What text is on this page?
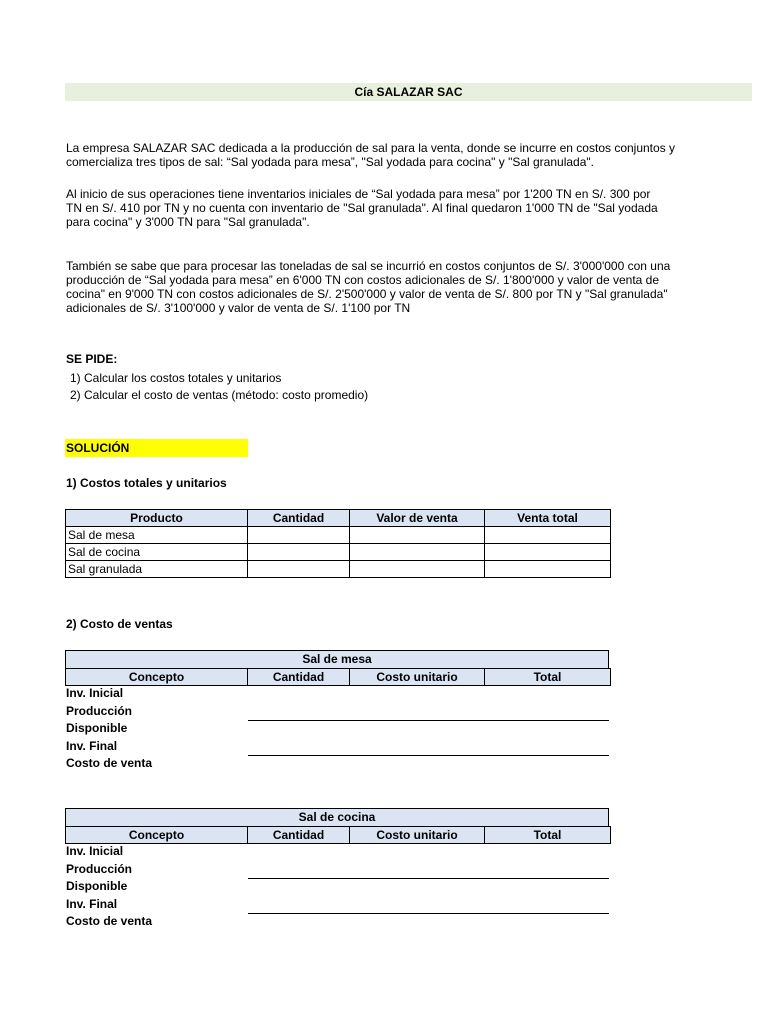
Cía SALAZAR SAC
La empresa SALAZAR SAC dedicada a la producción de sal para la venta, donde se incurre en costos conjuntos y
comercializa tres tipos de sal: “Sal yodada para mesa”, "Sal yodada para cocina" y "Sal granulada".
Al inicio de sus operaciones tiene inventarios iniciales de “Sal yodada para mesa” por 1'200 TN en S/. 300 por
TN en S/. 410 por TN y no cuenta con inventario de "Sal granulada". Al final quedaron 1'000 TN de "Sal yodada
para cocina" y 3'000 TN para "Sal granulada".
También se sabe que para procesar las toneladas de sal se incurrió en costos conjuntos de S/. 3'000'000 con una
producción de “Sal yodada para mesa” en 6'000 TN con costos adicionales de S/. 1'800'000 y valor de venta de
cocina" en 9'000 TN con costos adicionales de S/. 2'500'000 y valor de venta de S/. 800 por TN y "Sal granulada"
adicionales de S/. 3'100'000 y valor de venta de S/. 1'100 por TN
SE PIDE:
1) Calcular los costos totales y unitarios
2) Calcular el costo de ventas (método: costo promedio)
SOLUCIÓN
1) Costos totales y unitarios
Producto	Cantidad	Valor de venta	Venta total
Sal de mesa			
Sal de cocina			
Sal granulada			
2) Costo de ventas
Sal de mesa
Concepto	Cantidad	Costo unitario	Total
Inv. Inicial
Producción
Disponible
Inv. Final
Costo de venta
Sal de cocina
Concepto	Cantidad	Costo unitario	Total
Inv. Inicial
Producción
Disponible
Inv. Final
Costo de venta
